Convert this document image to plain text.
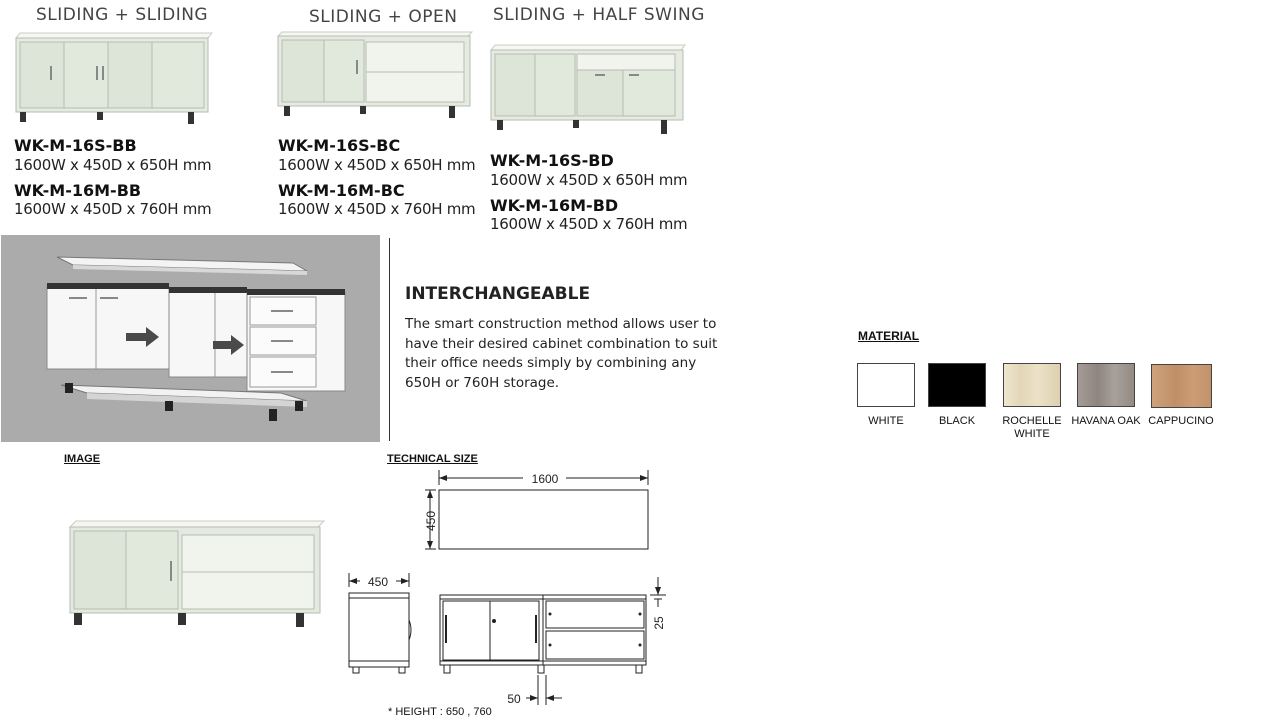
SLIDING + SLIDING
WK-M-16S-BB
1600W x 450D x 650H mm
WK-M-16M-BB
1600W x 450D x 760H mm
SLIDING + OPEN
WK-M-16S-BC
1600W x 450D x 650H mm
WK-M-16M-BC
1600W x 450D x 760H mm
SLIDING + HALF SWING
WK-M-16S-BD
1600W x 450D x 650H mm
WK-M-16M-BD
1600W x 450D x 760H mm
INTERCHANGEABLE
The smart construction method allows user to have their desired cabinet combination to suit their office needs simply by combining any 650H or 760H storage.
MATERIAL
WHITE	BLACK	ROCHELLE WHITE
HAVANA OAK CAPPUCINO
IMAGE	TECHNICAL SIZE
1600
450
450
25
50
* HEIGHT : 650 , 760
